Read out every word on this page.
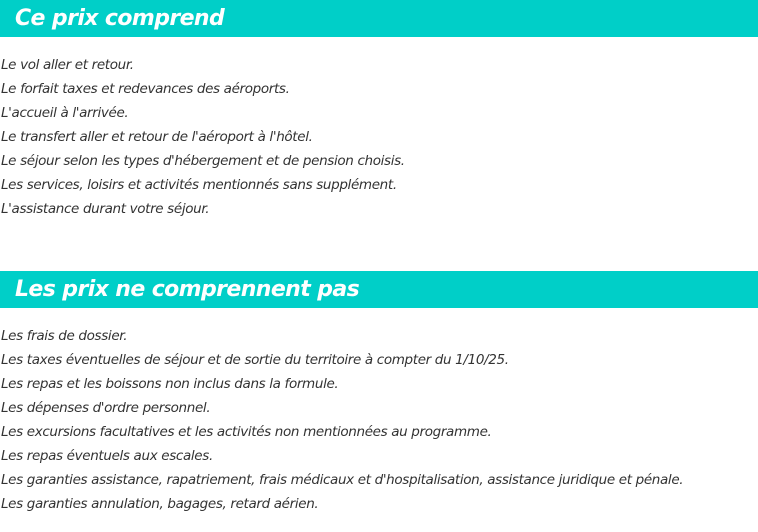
Ce prix comprend
Le vol aller et retour.
Le forfait taxes et redevances des aéroports.
L'accueil à l'arrivée.
Le transfert aller et retour de l'aéroport à l'hôtel.
Le séjour selon les types d'hébergement et de pension choisis.
Les services, loisirs et activités mentionnés sans supplément.
L'assistance durant votre séjour.
Les prix ne comprennent pas
Les frais de dossier.
Les taxes éventuelles de séjour et de sortie du territoire à compter du 1/10/25.
Les repas et les boissons non inclus dans la formule.
Les dépenses d'ordre personnel.
Les excursions facultatives et les activités non mentionnées au programme.
Les repas éventuels aux escales.
Les garanties assistance, rapatriement, frais médicaux et d'hospitalisation, assistance juridique et pénale.
Les garanties annulation, bagages, retard aérien.
